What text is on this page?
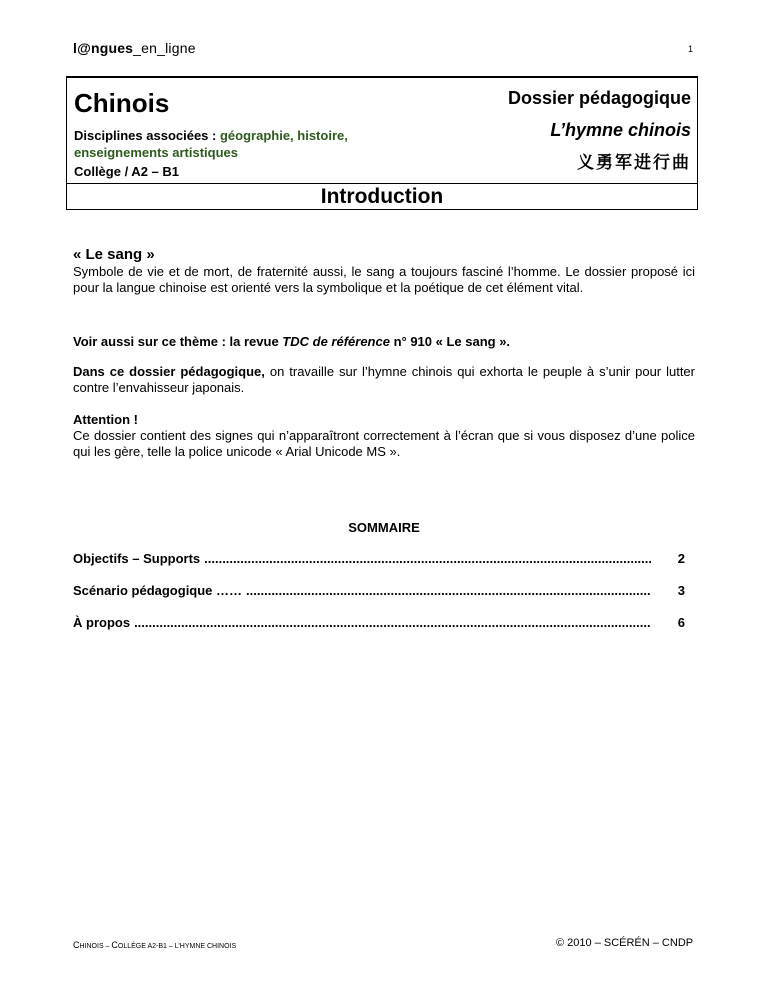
l@ngues_en_ligne	1
Chinois
Disciplines associées : géographie, histoire, enseignements artistiques
Collège / A2 – B1
Dossier pédagogique
L’hymne chinois
义勇军进行曲
Introduction
« Le sang »

Symbole de vie et de mort, de fraternité aussi, le sang a toujours fasciné l’homme. Le dossier proposé ici pour la langue chinoise est orienté vers la symbolique et la poétique de cet élément vital.

Voir aussi sur ce thème : la revue TDC de référence n° 910 « Le sang ».

Dans ce dossier pédagogique, on travaille sur l’hymne chinois qui exhorta le peuple à s’unir pour lutter contre l’envahisseur japonais.

Attention !
Ce dossier contient des signes qui n’apparaîtront correctement à l’écran que si vous disposez d’une police qui les gère, telle la police unicode « Arial Unicode MS ».

SOMMAIRE
Objectifs – Supports .....	2
Scénario pédagogique …… .....	3
À propos .....	6
CHINOIS – COLLÈGE A2-B1 – L’HYMNE CHINOIS	© 2010 – SCÉRÉN – CNDP
